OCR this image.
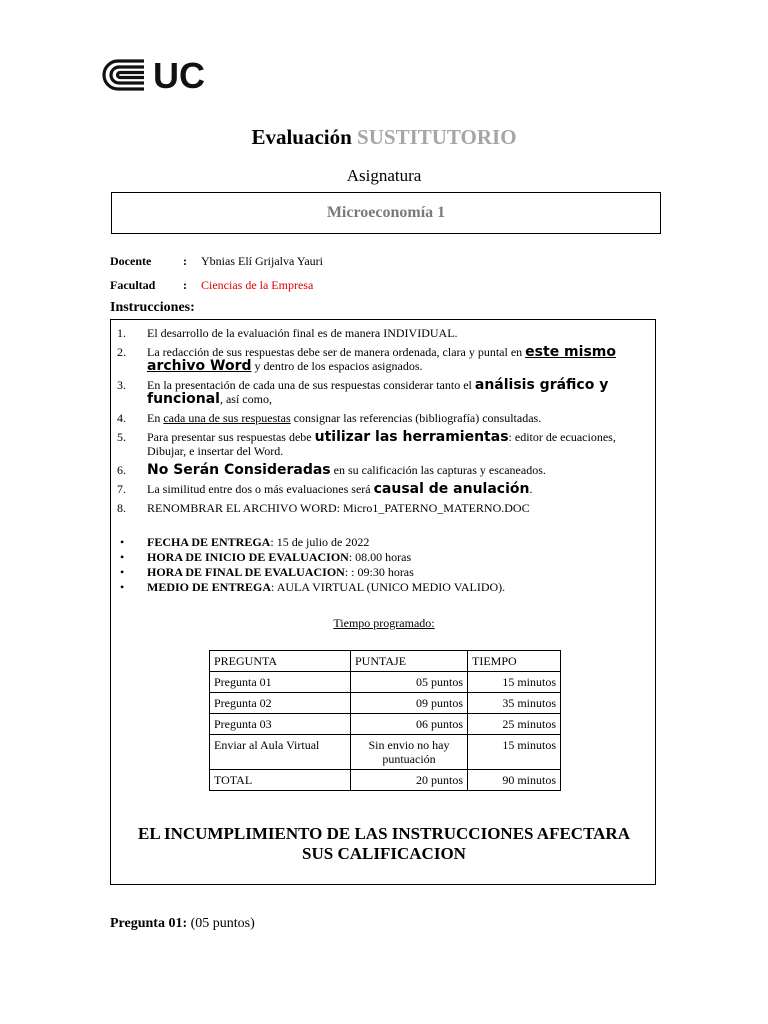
UC
Evaluación SUSTITUTORIO
Asignatura
Microeconomía 1
Docente	:	Ybnias Elí Grijalva Yauri
Facultad	:	Ciencias de la Empresa
Instrucciones:
1.	El desarrollo de la evaluación final es de manera INDIVIDUAL.
2.	La redacción de sus respuestas debe ser de manera ordenada, clara y puntal en este mismo archivo Word y dentro de los espacios asignados.
3.	En la presentación de cada una de sus respuestas considerar tanto el análisis gráfico y funcional, así como,
4.	En cada una de sus respuestas consignar las referencias (bibliografía) consultadas.
5.	Para presentar sus respuestas debe utilizar las herramientas: editor de ecuaciones, Dibujar, e insertar del Word.
6.	No Serán Consideradas en su calificación las capturas y escaneados.
7.	La similitud entre dos o más evaluaciones será causal de anulación.
8.	RENOMBRAR EL ARCHIVO WORD: Micro1_PATERNO_MATERNO.DOC
• FECHA DE ENTREGA: 15 de julio de 2022
• HORA DE INICIO DE EVALUACION: 08.00 horas
• HORA DE FINAL DE EVALUACION: : 09:30 horas
• MEDIO DE ENTREGA: AULA VIRTUAL (UNICO MEDIO VALIDO).
Tiempo programado:
PREGUNTA	PUNTAJE	TIEMPO
Pregunta 01	05 puntos	15 minutos
Pregunta 02	09 puntos	35 minutos
Pregunta 03	06 puntos	25 minutos
Enviar al Aula Virtual	Sin envio no hay puntuación	15 minutos
TOTAL	20 puntos	90 minutos
EL INCUMPLIMIENTO DE LAS INSTRUCCIONES AFECTARA
SUS CALIFICACION
Pregunta 01: (05 puntos)
